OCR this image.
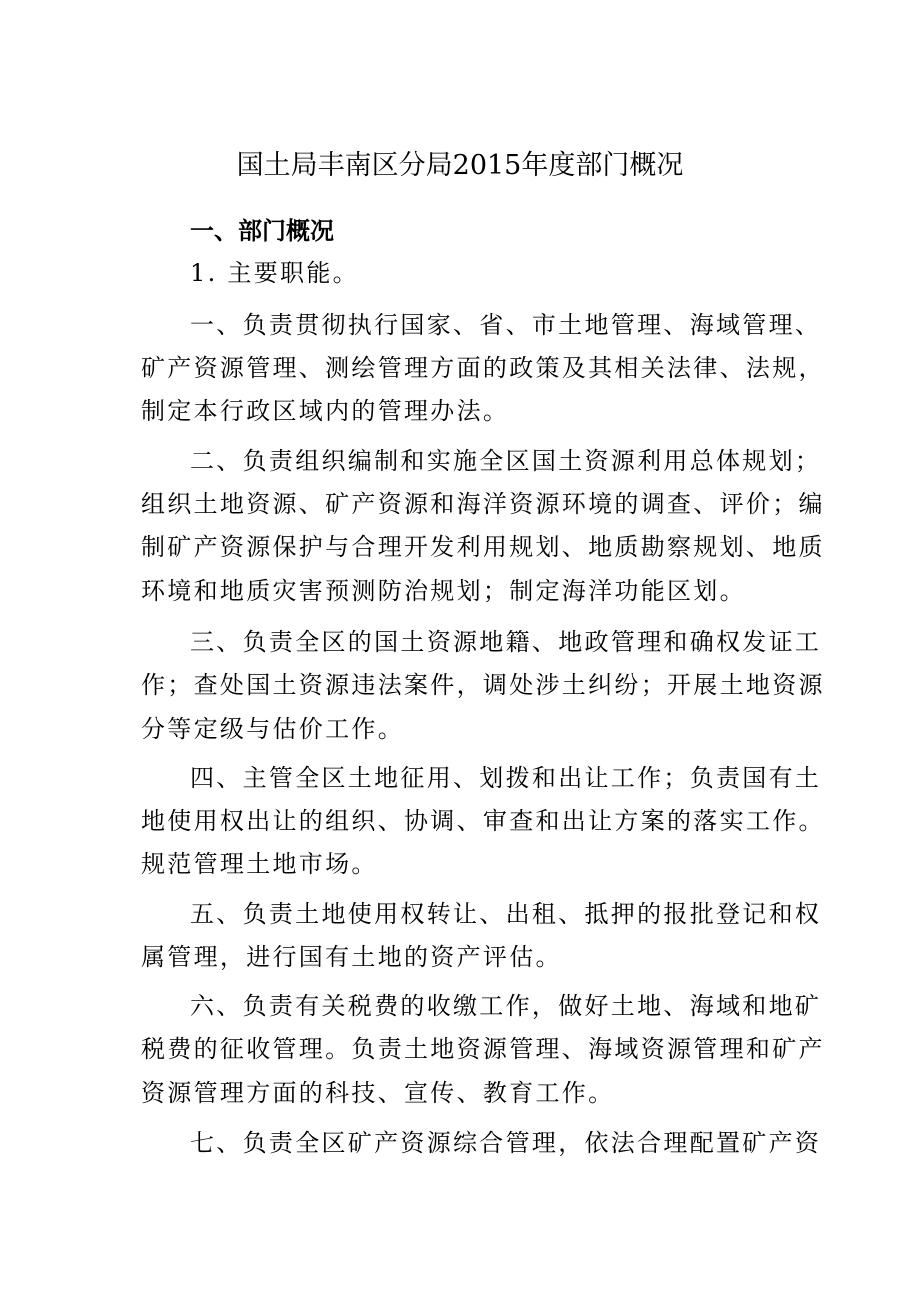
国土局丰南区分局2015年度部门概况
一、部门概况
1. 主要职能。
一、负责贯彻执行国家、省、市土地管理、海域管理、
矿产资源管理、测绘管理方面的政策及其相关法律、法规，
制定本行政区域内的管理办法。
二、负责组织编制和实施全区国土资源利用总体规划；
组织土地资源、矿产资源和海洋资源环境的调查、评价；编
制矿产资源保护与合理开发利用规划、地质勘察规划、地质
环境和地质灾害预测防治规划；制定海洋功能区划。
三、负责全区的国土资源地籍、地政管理和确权发证工
作；查处国土资源违法案件，调处涉土纠纷；开展土地资源
分等定级与估价工作。
四、主管全区土地征用、划拨和出让工作；负责国有土
地使用权出让的组织、协调、审查和出让方案的落实工作。
规范管理土地市场。
五、负责土地使用权转让、出租、抵押的报批登记和权
属管理，进行国有土地的资产评估。
六、负责有关税费的收缴工作，做好土地、海域和地矿
税费的征收管理。负责土地资源管理、海域资源管理和矿产
资源管理方面的科技、宣传、教育工作。
七、负责全区矿产资源综合管理，依法合理配置矿产资
